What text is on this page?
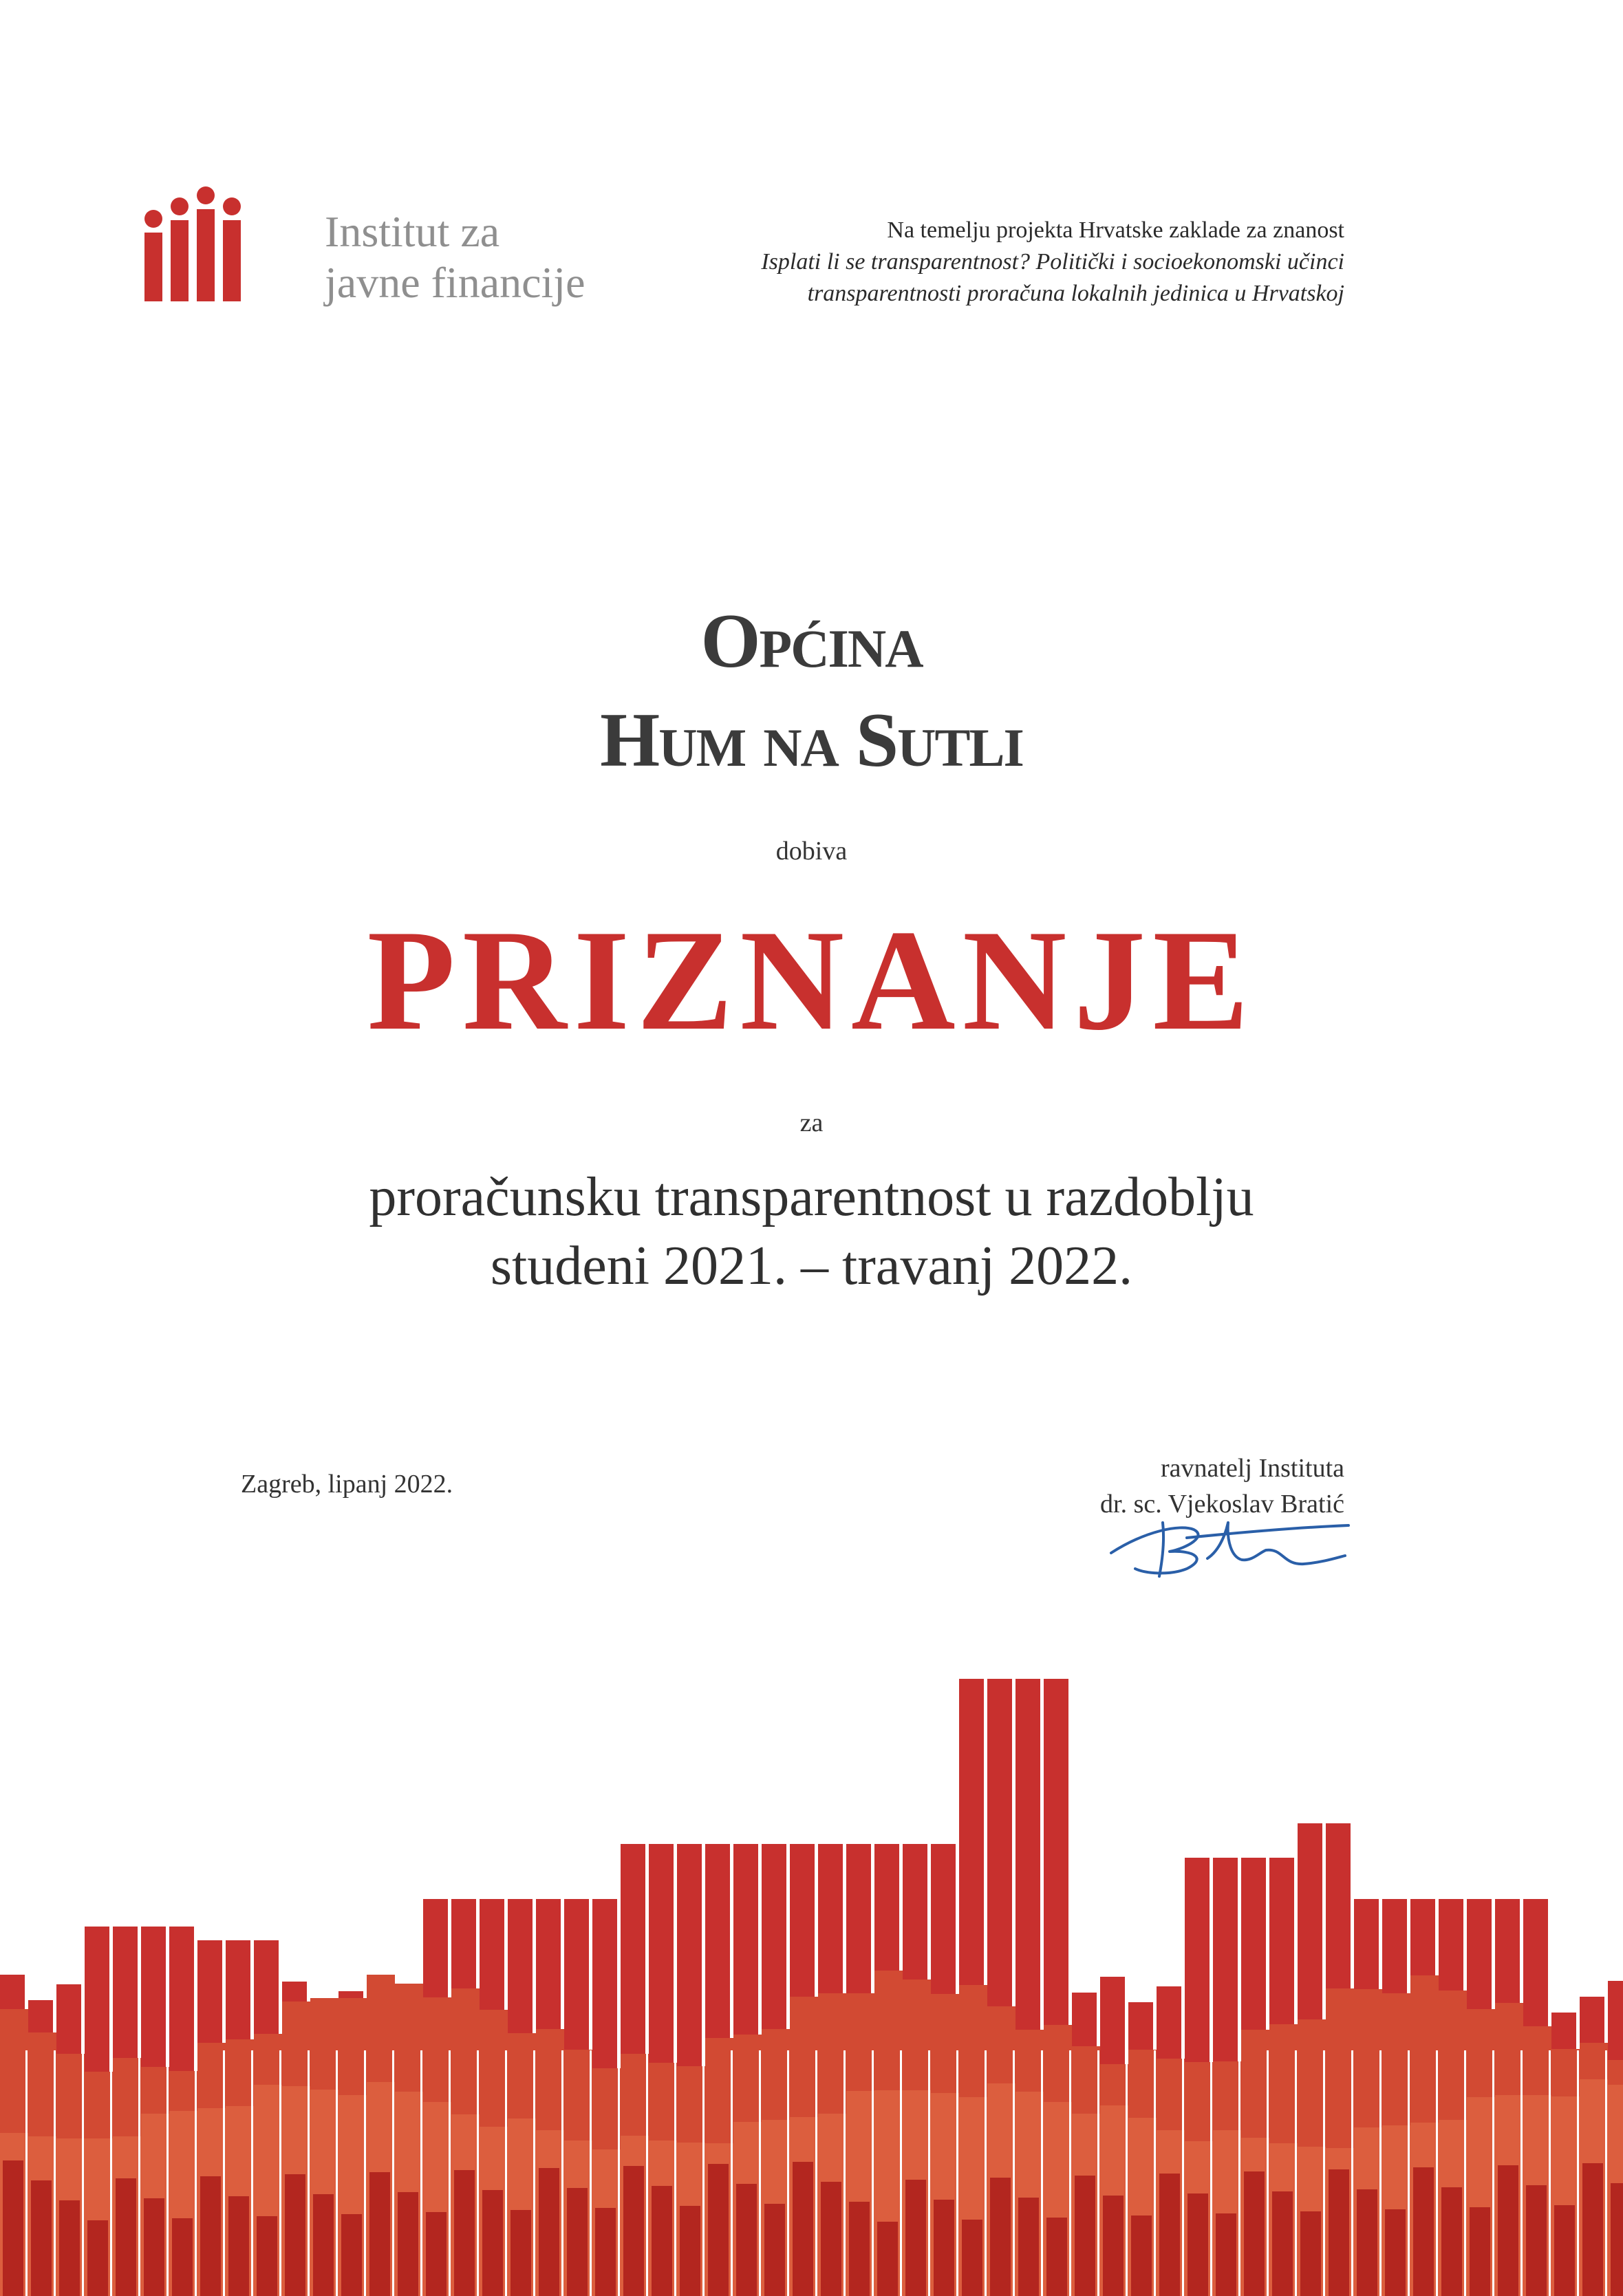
Institut za
javne financije
Na temelju projekta Hrvatske zaklade za znanost
Isplati li se transparentnost? Politički i socioekonomski učinci
transparentnosti proračuna lokalnih jedinica u Hrvatskoj
Općina
Hum na Sutli
dobiva
PRIZNANJE
za
proračunsku transparentnost u razdoblju
studeni 2021. – travanj 2022.
Zagreb, lipanj 2022.
ravnatelj Instituta
dr. sc. Vjekoslav Bratić
